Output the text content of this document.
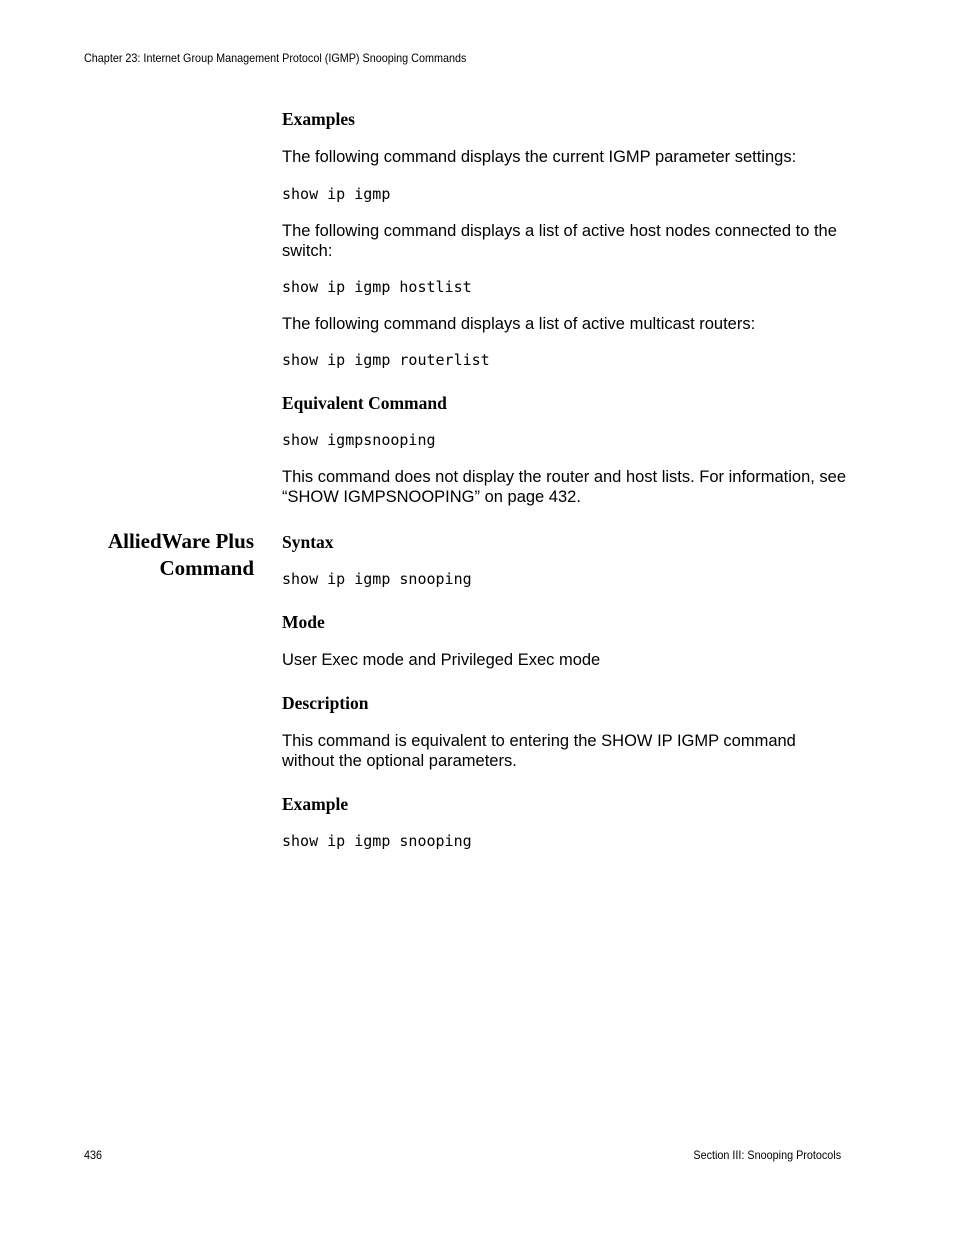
Chapter 23: Internet Group Management Protocol (IGMP) Snooping Commands
Examples
The following command displays the current IGMP parameter settings:
show ip igmp
The following command displays a list of active host nodes connected to the switch:
show ip igmp hostlist
The following command displays a list of active multicast routers:
show ip igmp routerlist
Equivalent Command
show igmpsnooping
This command does not display the router and host lists. For information, see “SHOW IGMPSNOOPING” on page 432.
AlliedWare Plus
Command
Syntax
show ip igmp snooping
Mode
User Exec mode and Privileged Exec mode
Description
This command is equivalent to entering the SHOW IP IGMP command without the optional parameters.
Example
show ip igmp snooping
436	Section III: Snooping Protocols
